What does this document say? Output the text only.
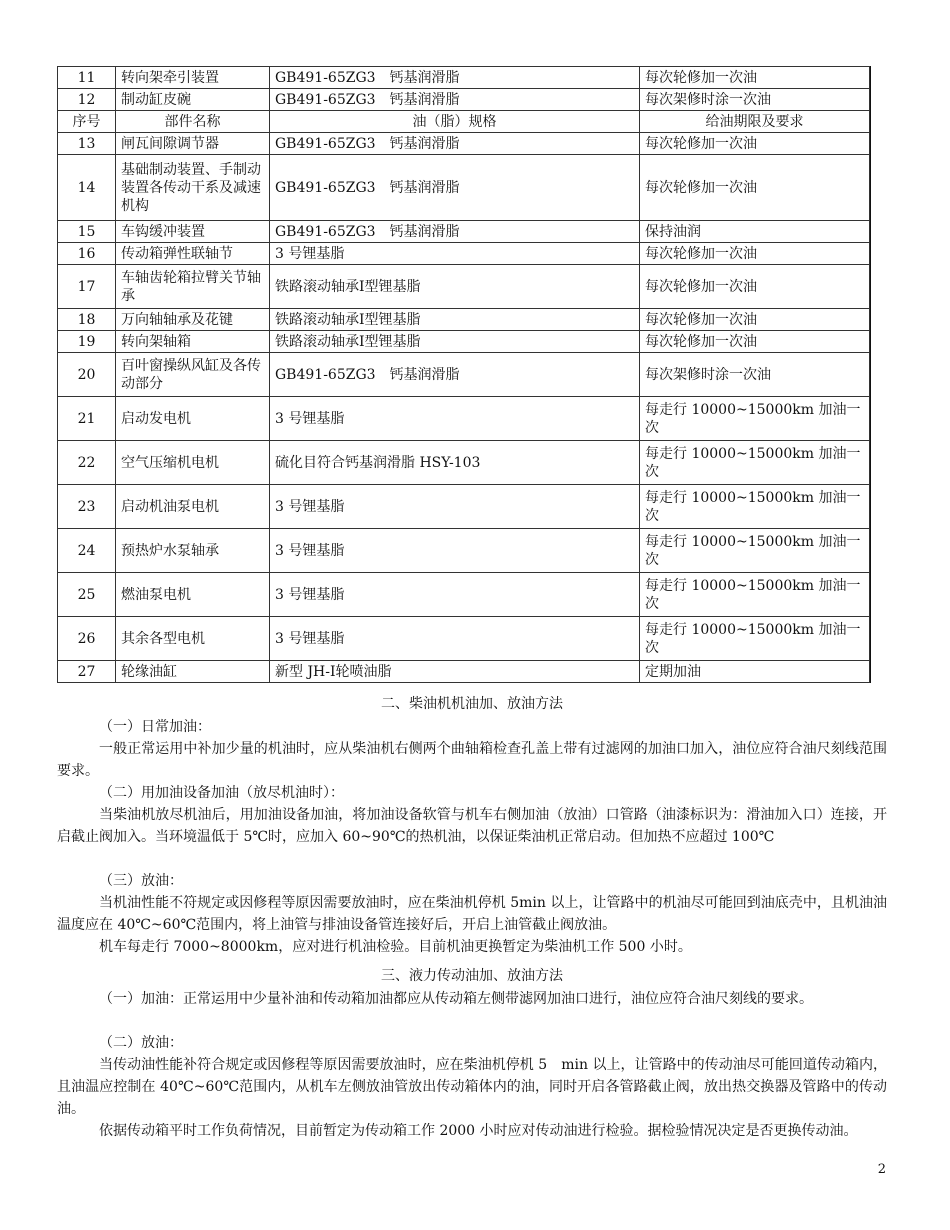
11	转向架牵引装置	GB491-65ZG3　钙基润滑脂	每次轮修加一次油
12	制动缸皮碗	GB491-65ZG3　钙基润滑脂	每次架修时涂一次油
序号	部件名称	油（脂）规格	给油期限及要求
13	闸瓦间隙调节器	GB491-65ZG3　钙基润滑脂	每次轮修加一次油
14	基础制动装置、手制动装置各传动干系及减速机构	GB491-65ZG3　钙基润滑脂	每次轮修加一次油
15	车钩缓冲装置	GB491-65ZG3　钙基润滑脂	保持油润
16	传动箱弹性联轴节	3 号锂基脂	每次轮修加一次油
17	车轴齿轮箱拉臂关节轴承	铁路滚动轴承Ⅰ型锂基脂	每次轮修加一次油
18	万向轴轴承及花键	铁路滚动轴承Ⅰ型锂基脂	每次轮修加一次油
19	转向架轴箱	铁路滚动轴承Ⅰ型锂基脂	每次轮修加一次油
20	百叶窗操纵风缸及各传动部分	GB491-65ZG3　钙基润滑脂	每次架修时涂一次油
21	启动发电机	3 号锂基脂	每走行 10000~15000km 加油一次
22	空气压缩机电机	硫化目符合钙基润滑脂 HSY-103	每走行 10000~15000km 加油一次
23	启动机油泵电机	3 号锂基脂	每走行 10000~15000km 加油一次
24	预热炉水泵轴承	3 号锂基脂	每走行 10000~15000km 加油一次
25	燃油泵电机	3 号锂基脂	每走行 10000~15000km 加油一次
26	其余各型电机	3 号锂基脂	每走行 10000~15000km 加油一次
27	轮缘油缸	新型 JH-Ⅰ轮喷油脂	定期加油
二、柴油机机油加、放油方法
（一）日常加油：
一般正常运用中补加少量的机油时，应从柴油机右侧两个曲轴箱检查孔盖上带有过滤网的加油口加入，油位应符合油尺刻线范围要求。
（二）用加油设备加油（放尽机油时）：
当柴油机放尽机油后，用加油设备加油，将加油设备软管与机车右侧加油（放油）口管路（油漆标识为：滑油加入口）连接，开启截止阀加入。当环境温低于 5℃时，应加入 60~90℃的热机油，以保证柴油机正常启动。但加热不应超过 100℃
（三）放油：
当机油性能不符规定或因修程等原因需要放油时，应在柴油机停机 5min 以上，让管路中的机油尽可能回到油底壳中，且机油油温度应在 40℃~60℃范围内，将上油管与排油设备管连接好后，开启上油管截止阀放油。
机车每走行 7000~8000km，应对进行机油检验。目前机油更换暂定为柴油机工作 500 小时。
三、液力传动油加、放油方法
（一）加油：正常运用中少量补油和传动箱加油都应从传动箱左侧带滤网加油口进行，油位应符合油尺刻线的要求。
（二）放油：
当传动油性能补符合规定或因修程等原因需要放油时，应在柴油机停机 5　min 以上，让管路中的传动油尽可能回道传动箱内，且油温应控制在 40℃~60℃范围内，从机车左侧放油管放出传动箱体内的油，同时开启各管路截止阀，放出热交换器及管路中的传动油。
依据传动箱平时工作负荷情况，目前暂定为传动箱工作 2000 小时应对传动油进行检验。据检验情况决定是否更换传动油。
2
